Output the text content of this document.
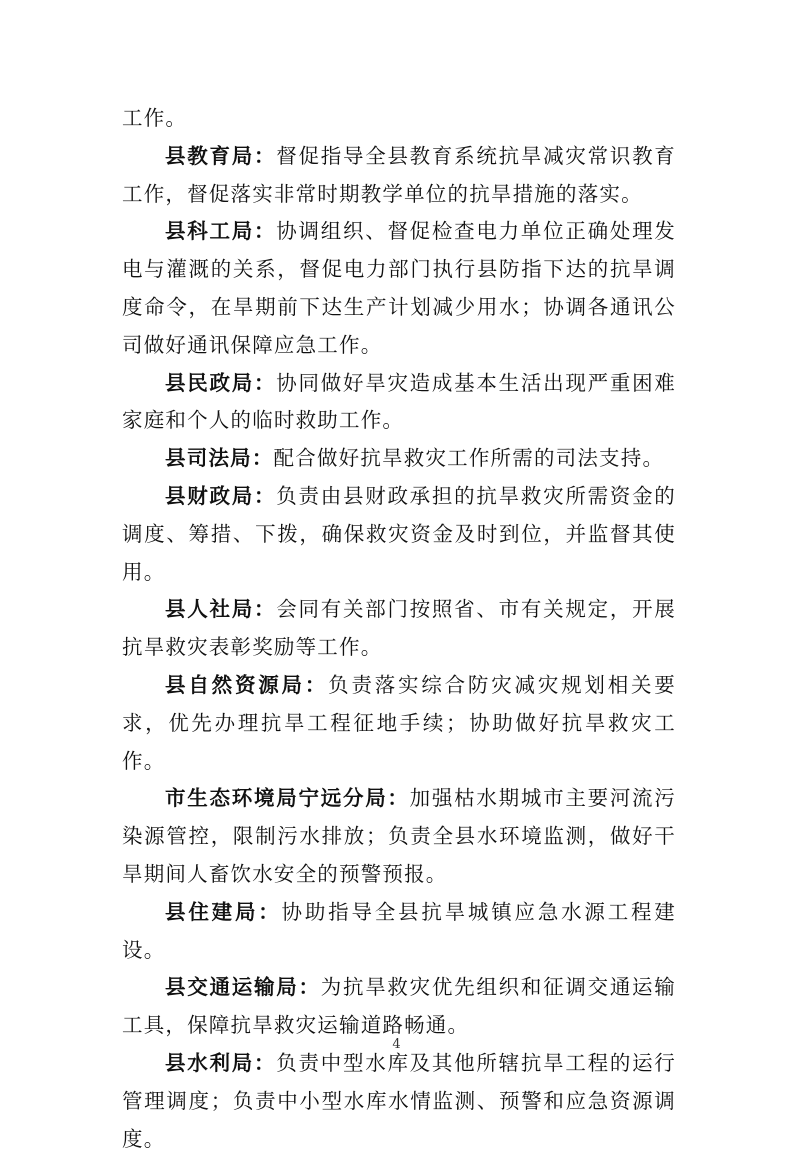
工作。

县教育局：督促指导全县教育系统抗旱减灾常识教育工作，督促落实非常时期教学单位的抗旱措施的落实。

县科工局：协调组织、督促检查电力单位正确处理发电与灌溉的关系，督促电力部门执行县防指下达的抗旱调度命令，在旱期前下达生产计划减少用水；协调各通讯公司做好通讯保障应急工作。

县民政局：协同做好旱灾造成基本生活出现严重困难家庭和个人的临时救助工作。

县司法局：配合做好抗旱救灾工作所需的司法支持。

县财政局：负责由县财政承担的抗旱救灾所需资金的调度、筹措、下拨，确保救灾资金及时到位，并监督其使用。

县人社局：会同有关部门按照省、市有关规定，开展抗旱救灾表彰奖励等工作。

县自然资源局：负责落实综合防灾减灾规划相关要求，优先办理抗旱工程征地手续；协助做好抗旱救灾工作。

市生态环境局宁远分局：加强枯水期城市主要河流污染源管控，限制污水排放；负责全县水环境监测，做好干旱期间人畜饮水安全的预警预报。

县住建局：协助指导全县抗旱城镇应急水源工程建设。

县交通运输局：为抗旱救灾优先组织和征调交通运输工具，保障抗旱救灾运输道路畅通。

县水利局：负责中型水库及其他所辖抗旱工程的运行管理调度；负责中小型水库水情监测、预警和应急资源调度。

4
